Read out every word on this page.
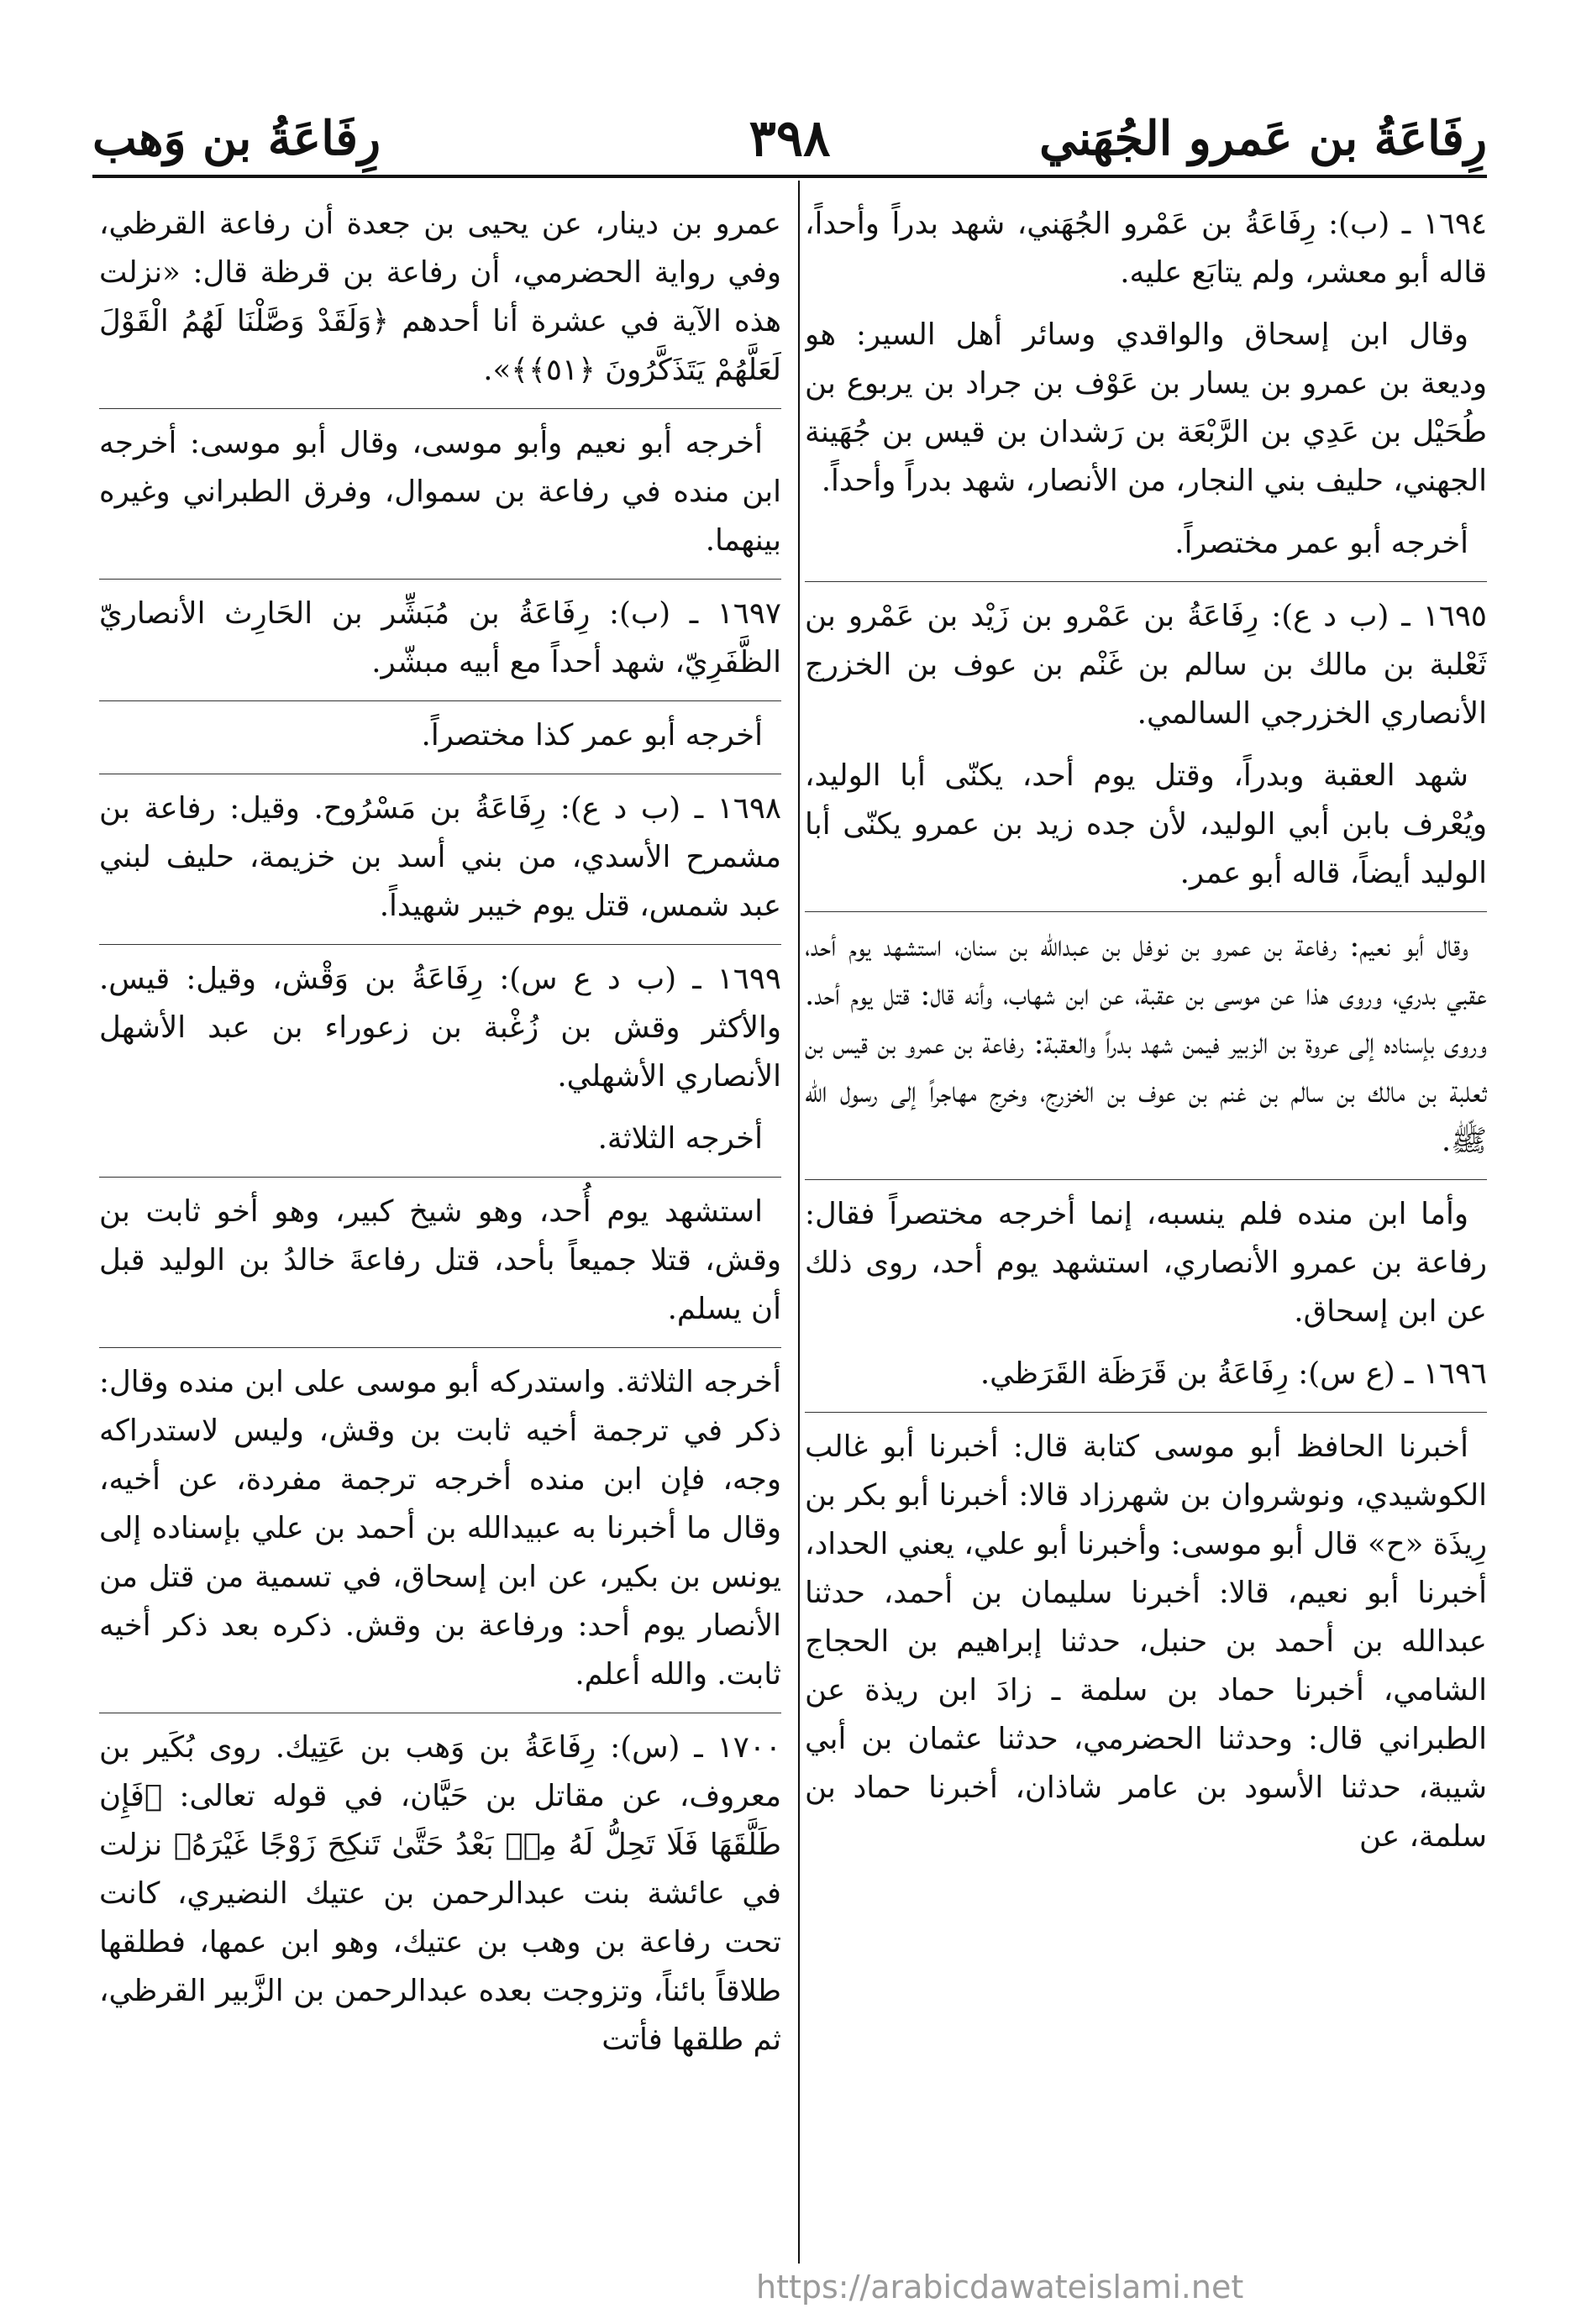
رِفَاعَةُ بن عَمرو الجُهَني
٣٩٨
رِفَاعَةُ بن وَهب

١٦٩٤ ـ (ب): رِفَاعَةُ بن عَمْرو الجُهَني، شهد بدراً وأحداً، قاله أبو معشر، ولم يتابَع عليه.

وقال ابن إسحاق والواقدي وسائر أهل السير: هو وديعة بن عمرو بن يسار بن عَوْف بن جراد بن يربوع بن طُحَيْل بن عَدِي بن الرَّبْعَة بن رَشدان بن قيس بن جُهَينة الجهني، حليف بني النجار، من الأنصار، شهد بدراً وأحداً.

أخرجه أبو عمر مختصراً.

١٦٩٥ ـ (ب د ع): رِفَاعَةُ بن عَمْرو بن زَيْد بن عَمْرو بن ثَعْلبة بن مالك بن سالم بن غَنْم بن عوف بن الخزرج الأنصاري الخزرجي السالمي.

شهد العقبة وبدراً، وقتل يوم أحد، يكنّى أبا الوليد، ويُعْرف بابن أبي الوليد، لأن جده زيد بن عمرو يكنّى أبا الوليد أيضاً، قاله أبو عمر.

وقال أبو نعيم: رفاعة بن عمرو بن نوفل بن عبدالله بن سنان، استشهد يوم أحد، عقبي بدري، وروى هذا عن موسى بن عقبة، عن ابن شهاب، وأنه قال: قتل يوم أحد. وروى بإسناده إلى عروة بن الزبير فيمن شهد بدراً والعقبة: رفاعة بن عمرو بن قيس بن ثعلبة بن مالك بن سالم بن غنم بن عوف بن الخزرج، وخرج مهاجراً إلى رسول الله ﷺ.

وأما ابن منده فلم ينسبه، إنما أخرجه مختصراً فقال: رفاعة بن عمرو الأنصاري، استشهد يوم أحد، روى ذلك عن ابن إسحاق.

١٦٩٦ ـ (ع س): رِفَاعَةُ بن قَرَظَة القَرَظي.

أخبرنا الحافظ أبو موسى كتابة قال: أخبرنا أبو غالب الكوشيدي، ونوشروان بن شهرزاد قالا: أخبرنا أبو بكر بن رِيذَة «ح» قال أبو موسى: وأخبرنا أبو علي، يعني الحداد، أخبرنا أبو نعيم، قالا: أخبرنا سليمان بن أحمد، حدثنا عبدالله بن أحمد بن حنبل، حدثنا إبراهيم بن الحجاج الشامي، أخبرنا حماد بن سلمة ـ زادَ ابن ريذة عن الطبراني قال: وحدثنا الحضرمي، حدثنا عثمان بن أبي شيبة، حدثنا الأسود بن عامر شاذان، أخبرنا حماد بن سلمة، عن

عمرو بن دينار، عن يحيى بن جعدة أن رفاعة القرظي، وفي رواية الحضرمي، أن رفاعة بن قرظة قال: «نزلت هذه الآية في عشرة أنا أحدهم ﴿وَلَقَدْ وَصَّلْنَا لَهُمُ الْقَوْلَ لَعَلَّهُمْ يَتَذَكَّرُونَ ﴿٥١﴾﴾».

أخرجه أبو نعيم وأبو موسى، وقال أبو موسى: أخرجه ابن منده في رفاعة بن سموال، وفرق الطبراني وغيره بينهما.

١٦٩٧ ـ (ب): رِفَاعَةُ بن مُبَشِّر بن الحَارِث الأنصاريّ الظَّفَرِيّ، شهد أحداً مع أبيه مبشّر.

أخرجه أبو عمر كذا مختصراً.

١٦٩٨ ـ (ب د ع): رِفَاعَةُ بن مَسْرُوح. وقيل: رفاعة بن مشمرح الأسدي، من بني أسد بن خزيمة، حليف لبني عبد شمس، قتل يوم خيبر شهيداً.

١٦٩٩ ـ (ب د ع س): رِفَاعَةُ بن وَقْش، وقيل: قيس. والأكثر وقش بن زُغْبة بن زعوراء بن عبد الأشهل الأنصاري الأشهلي.

أخرجه الثلاثة.

استشهد يوم أُحد، وهو شيخ كبير، وهو أخو ثابت بن وقش، قتلا جميعاً بأحد، قتل رفاعةَ خالدُ بن الوليد قبل أن يسلم.

أخرجه الثلاثة. واستدركه أبو موسى على ابن منده وقال: ذكر في ترجمة أخيه ثابت بن وقش، وليس لاستدراكه وجه، فإن ابن منده أخرجه ترجمة مفردة، عن أخيه، وقال ما أخبرنا به عبيدالله بن أحمد بن علي بإسناده إلى يونس بن بكير، عن ابن إسحاق، في تسمية من قتل من الأنصار يوم أحد: ورفاعة بن وقش. ذكره بعد ذكر أخيه ثابت. والله أعلم.

١٧٠٠ ـ (س): رِفَاعَةُ بن وَهب بن عَتِيك. روى بُكَير بن معروف، عن مقاتل بن حَيَّان، في قوله تعالى: ﴿فَإِن طَلَّقَهَا فَلَا تَحِلُّ لَهُ مِنۢ بَعْدُ حَتَّىٰ تَنكِحَ زَوْجًا غَيْرَهُ﴾ نزلت في عائشة بنت عبدالرحمن بن عتيك النضيري، كانت تحت رفاعة بن وهب بن عتيك، وهو ابن عمها، فطلقها طلاقاً بائناً، وتزوجت بعده عبدالرحمن بن الزَّبير القرظي، ثم طلقها فأتت

https://arabicdawateislami.net
